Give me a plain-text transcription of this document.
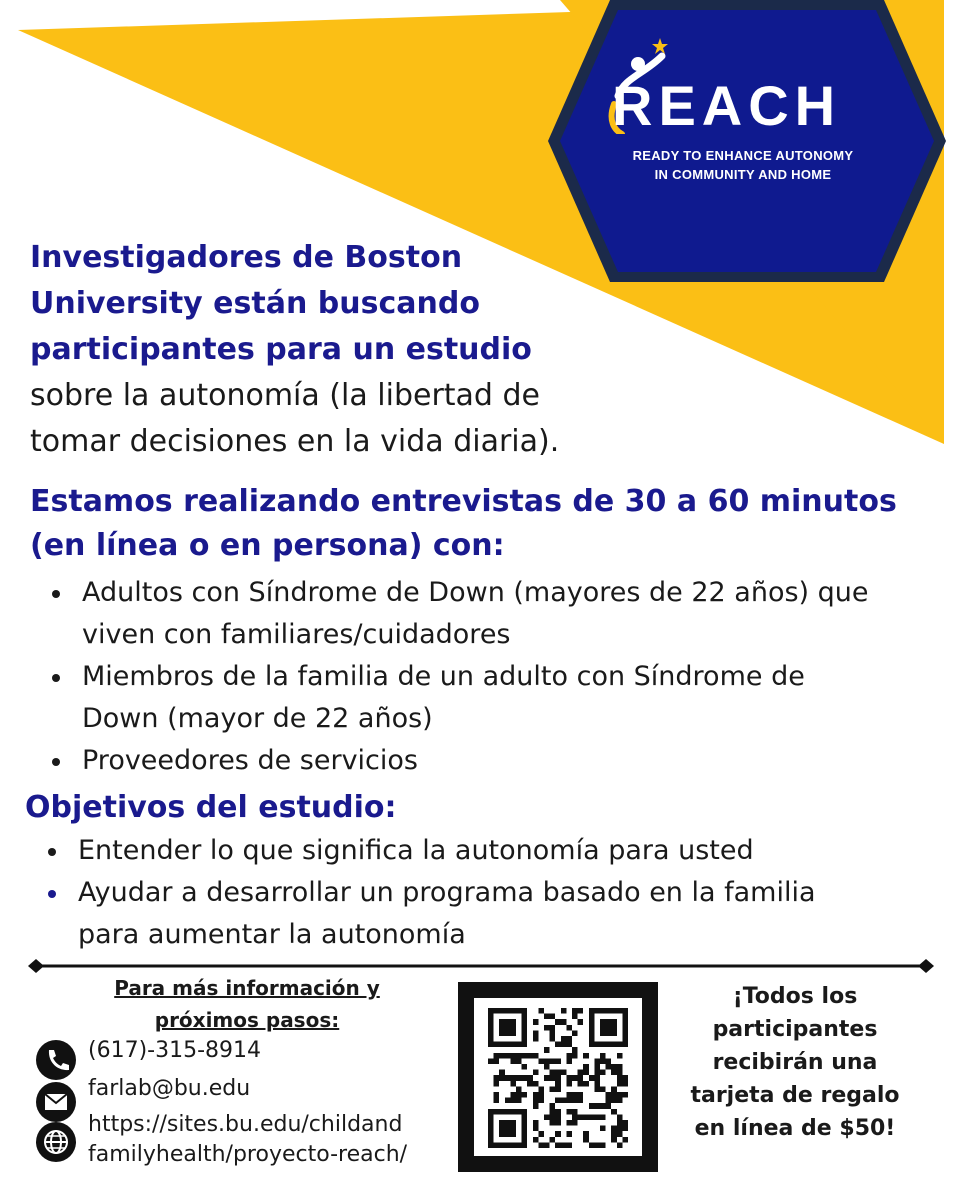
REACH
READY TO ENHANCE AUTONOMY
IN COMMUNITY AND HOME
Investigadores de Boston
University están buscando
participantes para un estudio
sobre la autonomía (la libertad de
tomar decisiones en la vida diaria).
Estamos realizando entrevistas de 30 a 60 minutos
(en línea o en persona) con:
Adultos con Síndrome de Down (mayores de 22 años) que
viven con familiares/cuidadores
Miembros de la familia de un adulto con Síndrome de
Down (mayor de 22 años)
Proveedores de servicios
Objetivos del estudio:
Entender lo que significa la autonomía para usted
Ayudar a desarrollar un programa basado en la familia
para aumentar la autonomía
Para más información y
próximos pasos:
(617)-315-8914
farlab@bu.edu
https://sites.bu.edu/childand
familyhealth/proyecto-reach/
¡Todos los
participantes
recibirán una
tarjeta de regalo
en línea de $50!
